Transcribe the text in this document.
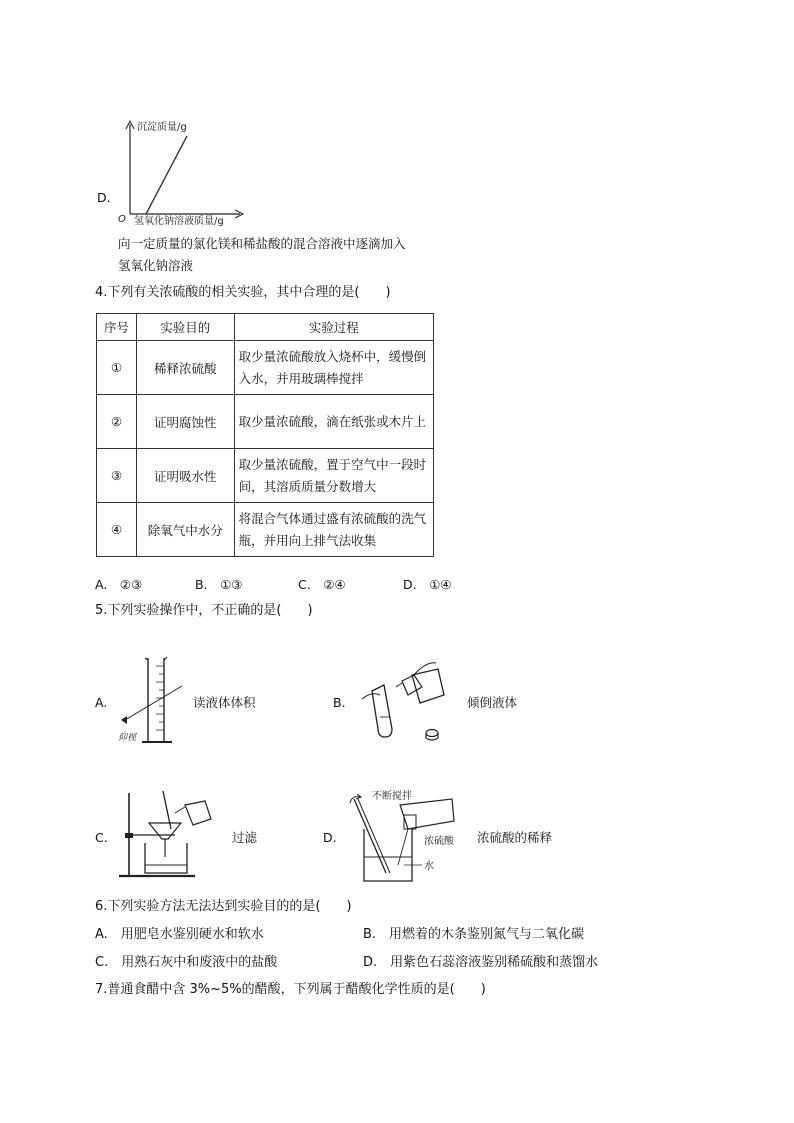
D.
沉淀质量/g
O 氢氧化钠溶液质量/g
向一定质量的氯化镁和稀盐酸的混合溶液中逐滴加入
氢氧化钠溶液
4.下列有关浓硫酸的相关实验，其中合理的是(　　)
序号	实验目的	实验过程
①	稀释浓硫酸	取少量浓硫酸放入烧杯中，缓慢倒入水，并用玻璃棒搅拌
②	证明腐蚀性	取少量浓硫酸，滴在纸张或木片上
③	证明吸水性	取少量浓硫酸，置于空气中一段时间，其溶质质量分数增大
④	除氧气中水分	将混合气体通过盛有浓硫酸的洗气瓶，并用向上排气法收集
A.　②③	B.　①③	C.　②④	D.　①④
5.下列实验操作中，不正确的是(　　)
A.
仰视
读液体体积	B.	倾倒液体
C.	过滤	D.
不断搅拌
浓硫酸
水
浓硫酸的稀释
6.下列实验方法无法达到实验目的的是(　　)
A.　用肥皂水鉴别硬水和软水	B.　用燃着的木条鉴别氮气与二氧化碳
C.　用熟石灰中和废液中的盐酸	D.　用紫色石蕊溶液鉴别稀硫酸和蒸馏水
7.普通食醋中含 3%~5%的醋酸，下列属于醋酸化学性质的是(　　)
